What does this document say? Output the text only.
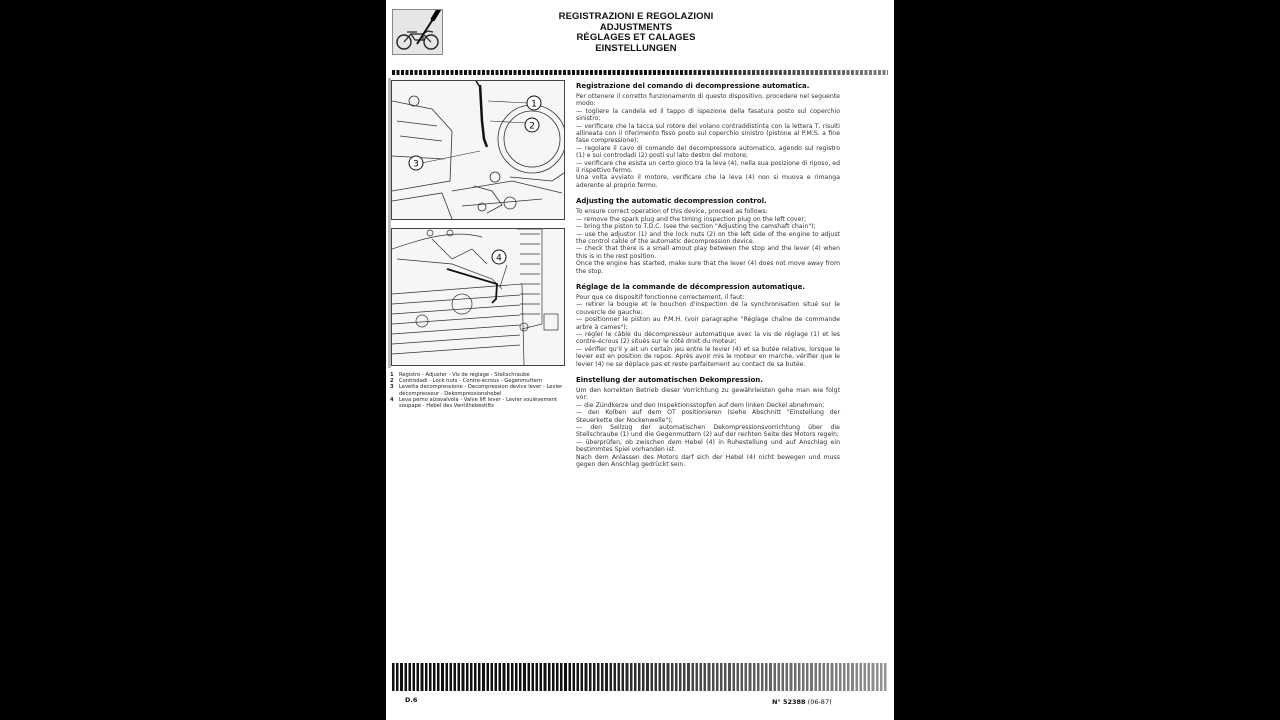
REGISTRAZIONI E REGOLAZIONI
ADJUSTMENTS
RÉGLAGES ET CALAGES
EINSTELLUNGEN
1
2
3
4
1	Registro - Adjuster - Vis de réglage - Stellschraube
2	Controdadi - Lock nuts - Contre-écrous - Gegenmuttern
3	Levetta decompressione - Decompression device lever - Levier décompresseur - Dekompressionshebel
4	Leva perno alzavalvola - Valve lift lever - Levier soulèvement soupape - Hebel des Ventilhebestifts
Registrazione del comando di decompressione automatica.

Per ottenere il corretto funzionamento di questo dispositivo, procedere nel seguente modo:

— togliere la candela ed il tappo di ispezione della fasatura posto sul coperchio sinistro;

— verificare che la tacca sul rotore del volano contraddistinta con la lettera T, risulti allineata con il riferimento fisso posto sul coperchio sinistro (pistone al P.M.S. a fine fase compressione);

— regolare il cavo di comando del decompressore automatico, agendo sul registro (1) e sui controdadi (2) posti sul lato destro del motore;

— verificare che esista un certo gioco tra la leva (4), nella sua posizione di riposo, ed il rispettivo fermo.

Una volta avviato il motore, verificare che la leva (4) non si muova e rimanga aderente al proprio fermo.

Adjusting the automatic decompression control.

To ensure correct operation of this device, proceed as follows:

— remove the spark plug and the timing inspection plug on the left cover;

— bring the piston to T.D.C. (see the section "Adjusting the camshaft chain");

— use the adjustor (1) and the lock nuts (2) on the left side of the engine to adjust the control cable of the automatic decompression device.

— check that there is a small amout play between the stop and the lever (4) when this is in the rest position.

Once the engine has started, make sure that the lever (4) does not move away from the stop.

Réglage de la commande de décompression automatique.

Pour que ce dispositif fonctionne correctement, il faut:

— retirer la bougie et le bouchon d'inspection de la synchronisation situé sur le couvercle de gauche;

— positionner le piston au P.M.H. (voir paragraphe "Réglage chaîne de commande arbre à cames");

— régler le câble du décompresseur automatique avec la vis de réglage (1) et les contre-écrous (2) situés sur le côté droit du moteur;

— vérifier qu'il y ait un certain jeu entre le levier (4) et sa butée relative, lorsque le levier est en position de repos. Après avoir mis le moteur en marche, vérifier que le levier (4) ne se déplace pas et reste parfaitement au contact de sa butée.

Einstellung der automatischen Dekompression.

Um den korrekten Betrieb dieser Vorrichtung zu gewährleisten gehe man wie folgt vor:

— die Zündkerze und den Inspektionsstopfen auf dem linken Deckel abnehmen;

— den Kolben auf dem OT positionieren (siehe Abschnitt "Einstellung der Steuerkette der Nockenwelle");

— den Seilzug der automatischen Dekompressionsvorrichtung über die Stellschraube (1) und die Gegenmuttern (2) auf der rechten Seite des Motors regeln;

— überprüfen, ob zwischen dem Hebel (4) in Ruhestellung und auf Anschlag ein bestimmtes Spiel vorhanden ist.

Nach dem Anlassen des Motors darf sich der Hebel (4) nicht bewegen und muss gegen den Anschlag gedrückt sein.

D.6	N° 52388 (06-87)
